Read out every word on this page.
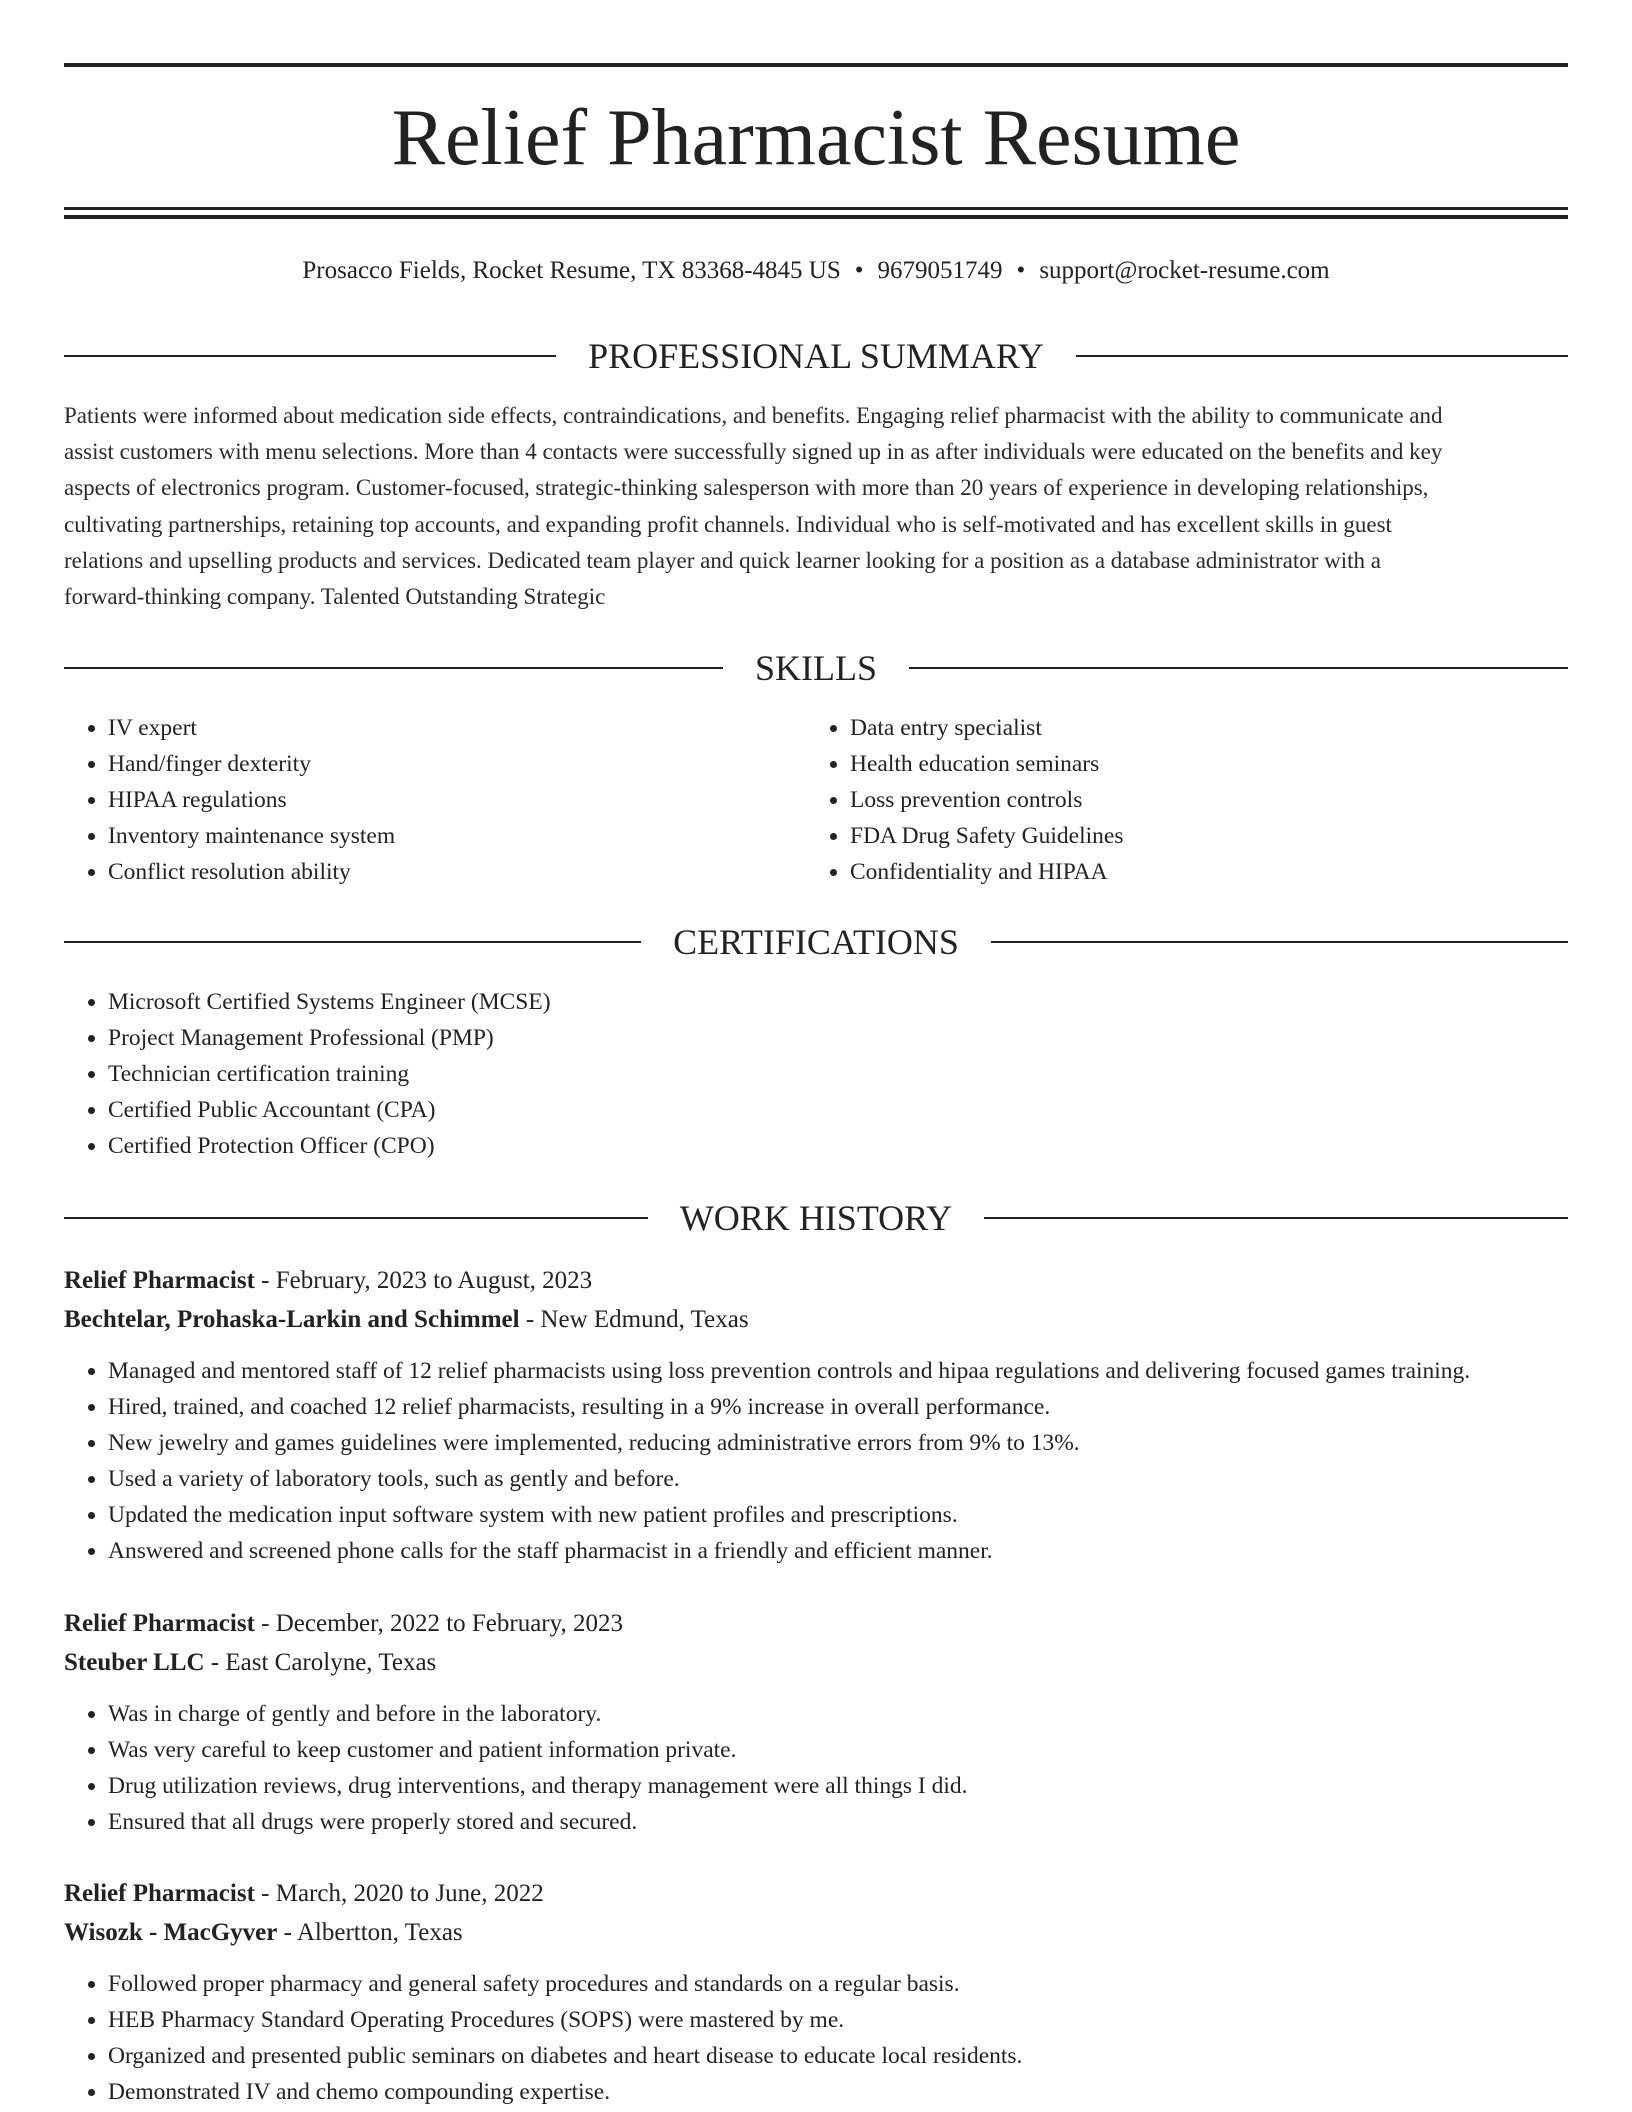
Relief Pharmacist Resume
Prosacco Fields, Rocket Resume, TX 83368-4845 US • 9679051749 • support@rocket-resume.com
PROFESSIONAL SUMMARY
Patients were informed about medication side effects, contraindications, and benefits. Engaging relief pharmacist with the ability to communicate and
assist customers with menu selections. More than 4 contacts were successfully signed up in as after individuals were educated on the benefits and key
aspects of electronics program. Customer-focused, strategic-thinking salesperson with more than 20 years of experience in developing relationships,
cultivating partnerships, retaining top accounts, and expanding profit channels. Individual who is self-motivated and has excellent skills in guest
relations and upselling products and services. Dedicated team player and quick learner looking for a position as a database administrator with a
forward-thinking company. Talented Outstanding Strategic
SKILLS
• IV expert
• Hand/finger dexterity
• HIPAA regulations
• Inventory maintenance system
• Conflict resolution ability
• Data entry specialist
• Health education seminars
• Loss prevention controls
• FDA Drug Safety Guidelines
• Confidentiality and HIPAA
CERTIFICATIONS
• Microsoft Certified Systems Engineer (MCSE)
• Project Management Professional (PMP)
• Technician certification training
• Certified Public Accountant (CPA)
• Certified Protection Officer (CPO)
WORK HISTORY
Relief Pharmacist - February, 2023 to August, 2023
Bechtelar, Prohaska-Larkin and Schimmel - New Edmund, Texas
• Managed and mentored staff of 12 relief pharmacists using loss prevention controls and hipaa regulations and delivering focused games training.
• Hired, trained, and coached 12 relief pharmacists, resulting in a 9% increase in overall performance.
• New jewelry and games guidelines were implemented, reducing administrative errors from 9% to 13%.
• Used a variety of laboratory tools, such as gently and before.
• Updated the medication input software system with new patient profiles and prescriptions.
• Answered and screened phone calls for the staff pharmacist in a friendly and efficient manner.
Relief Pharmacist - December, 2022 to February, 2023
Steuber LLC - East Carolyne, Texas
• Was in charge of gently and before in the laboratory.
• Was very careful to keep customer and patient information private.
• Drug utilization reviews, drug interventions, and therapy management were all things I did.
• Ensured that all drugs were properly stored and secured.
Relief Pharmacist - March, 2020 to June, 2022
Wisozk - MacGyver - Albertton, Texas
• Followed proper pharmacy and general safety procedures and standards on a regular basis.
• HEB Pharmacy Standard Operating Procedures (SOPS) were mastered by me.
• Organized and presented public seminars on diabetes and heart disease to educate local residents.
• Demonstrated IV and chemo compounding expertise.
